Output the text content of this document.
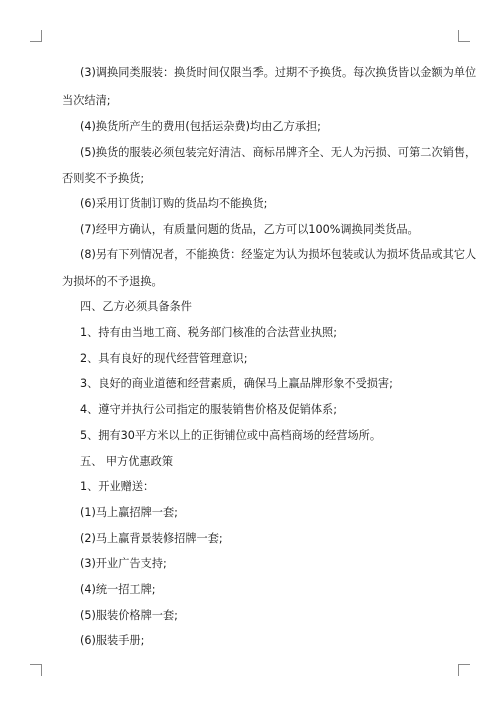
(3)调换同类服装：换货时间仅限当季。过期不予换货。每次换货皆以金额为单位
当次结清;
(4)换货所产生的费用(包括运杂费)均由乙方承担;
(5)换货的服装必须包装完好清洁、商标吊牌齐全、无人为污损、可第二次销售，
否则奖不予换货;
(6)采用订货制订购的货品均不能换货;
(7)经甲方确认，有质量问题的货品，乙方可以100%调换同类货品。
(8)另有下列情况者，不能换货：经鉴定为认为损坏包装或认为损坏货品或其它人
为损坏的不予退换。
四、乙方必须具备条件
1、持有由当地工商、税务部门核准的合法营业执照;
2、具有良好的现代经营管理意识;
3、良好的商业道德和经营素质，确保马上赢品牌形象不受损害;
4、遵守并执行公司指定的服装销售价格及促销体系;
5、拥有30平方米以上的正街铺位或中高档商场的经营场所。
五、 甲方优惠政策
1、开业赠送：
(1)马上赢招牌一套;
(2)马上赢背景装修招牌一套;
(3)开业广告支持;
(4)统一招工牌;
(5)服装价格牌一套;
(6)服装手册;
